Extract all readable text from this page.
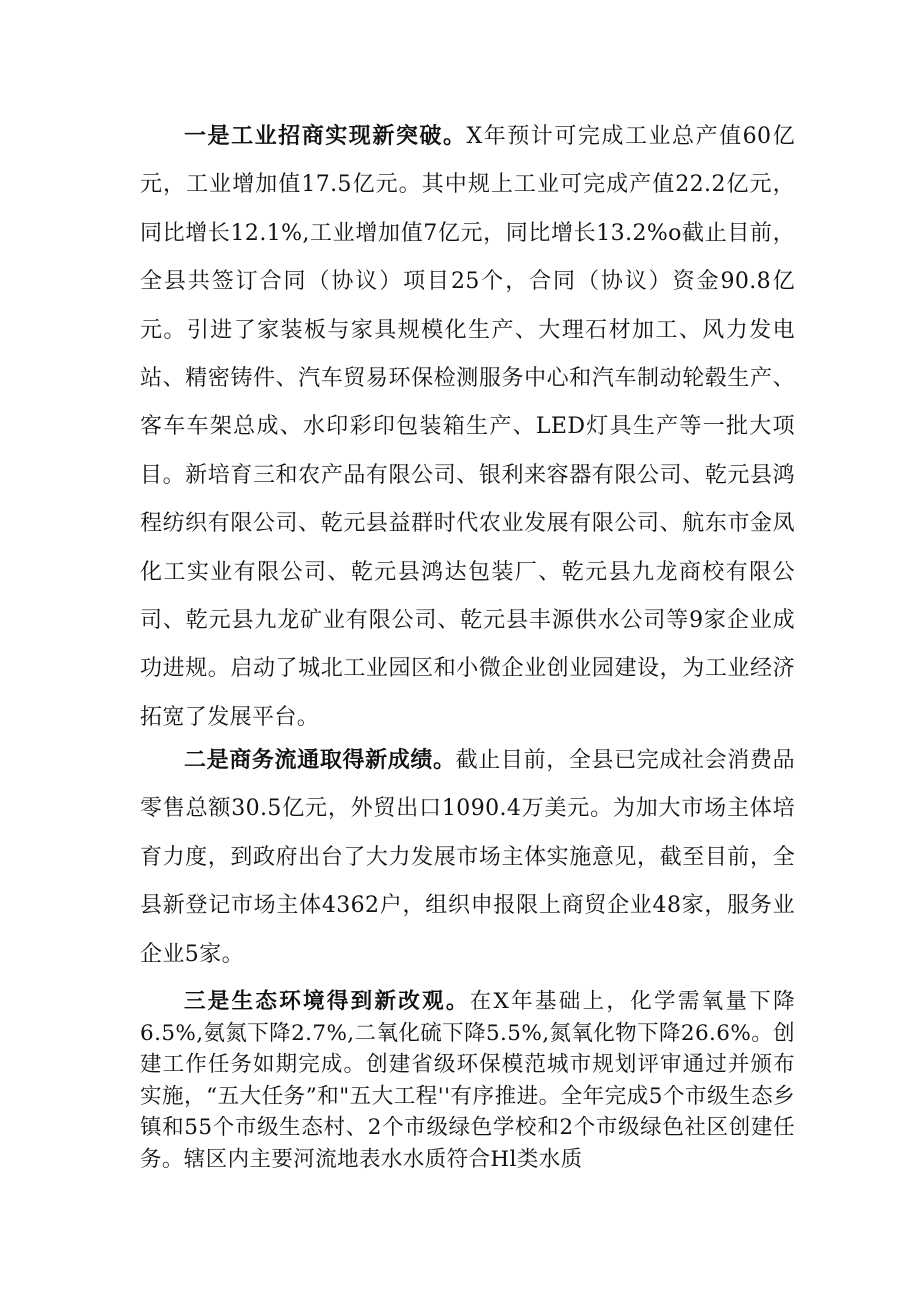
一是工业招商实现新突破。X年预计可完成工业总产值60亿元，工业增加值17.5亿元。其中规上工业可完成产值22.2亿元，同比增长12.1%,工业增加值7亿元，同比增长13.2%o截止目前，全县共签订合同（协议）项目25个，合同（协议）资金90.8亿元。引进了家装板与家具规模化生产、大理石材加工、风力发电站、精密铸件、汽车贸易环保检测服务中心和汽车制动轮毂生产、客车车架总成、水印彩印包装箱生产、LED灯具生产等一批大项目。新培育三和农产品有限公司、银利来容器有限公司、乾元县鸿程纺织有限公司、乾元县益群时代农业发展有限公司、航东市金凤化工实业有限公司、乾元县鸿达包装厂、乾元县九龙商校有限公司、乾元县九龙矿业有限公司、乾元县丰源供水公司等9家企业成功进规。启动了城北工业园区和小微企业创业园建设，为工业经济拓宽了发展平台。

二是商务流通取得新成绩。截止目前，全县已完成社会消费品零售总额30.5亿元，外贸出口1090.4万美元。为加大市场主体培育力度，到政府出台了大力发展市场主体实施意见，截至目前，全县新登记市场主体4362户，组织申报限上商贸企业48家，服务业企业5家。

三是生态环境得到新改观。在X年基础上，化学需氧量下降6.5%,氨氮下降2.7%,二氧化硫下降5.5%,氮氧化物下降26.6%。创建工作任务如期完成。创建省级环保模范城市规划评审通过并颁布实施，“五大任务”和"五大工程''有序推进。全年完成5个市级生态乡镇和55个市级生态村、2个市级绿色学校和2个市级绿色社区创建任务。辖区内主要河流地表水水质符合Hl类水质
